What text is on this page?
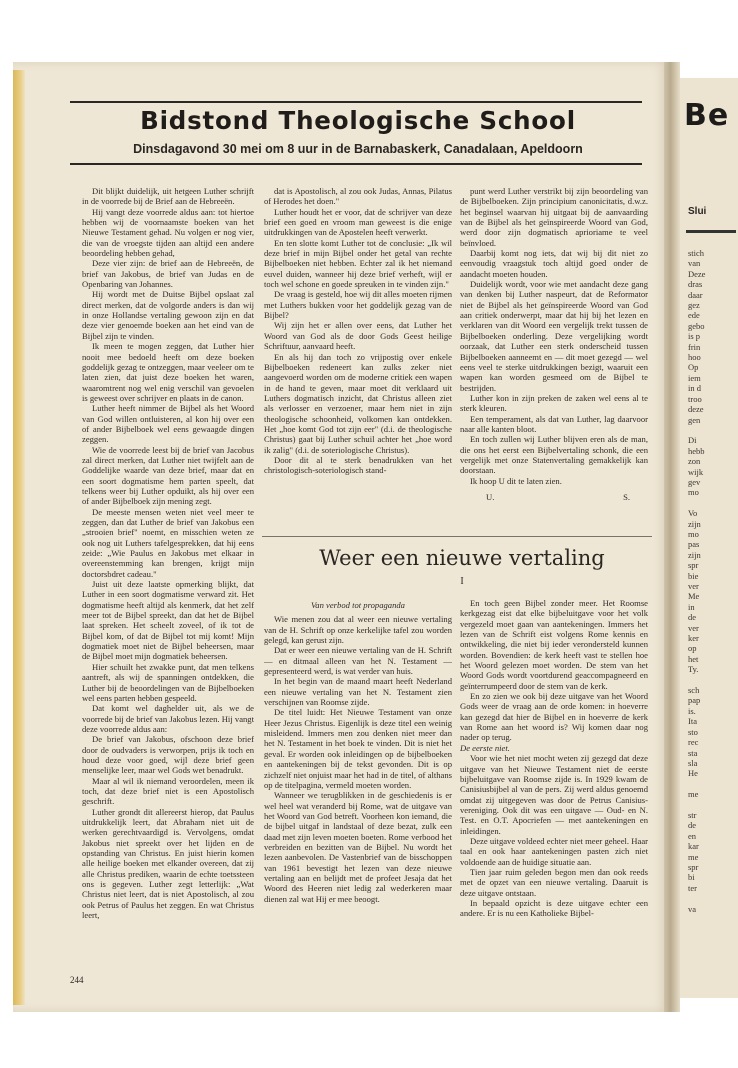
Be
Slui
stich
van
Deze
dras
daar
gez
ede
gebo
is p
frin
hoo
Op
iem
in d
troo
deze
gen

Di
hebb
zon
wijk
gev
mo

Vo
zijn
mo
pas
zijn
spr
bie
ver
Me
in
de
ver
ker
op
het
Ty.

sch
pap
is.
Ita
sto
rec
sta
sla
He

me

str
de
en
kar
me
spr
bi
ter

va
Bidstond Theologische School
Dinsdagavond 30 mei om 8 uur in de Barnabaskerk, Canadalaan, Apeldoorn

Dit blijkt duidelijk, uit hetgeen Luther schrijft in de voorrede bij de Brief aan de Hebreeën.

Hij vangt deze voorrede aldus aan: tot hiertoe hebben wij de voornaamste boeken van het Nieuwe Testament gehad. Nu volgen er nog vier, die van de vroegste tijden aan altijd een andere beoordeling hebben gehad,

Deze vier zijn: de brief aan de Hebreeën, de brief van Jakobus, de brief van Judas en de Openbaring van Johannes.

Hij wordt met de Duitse Bijbel opslaat zal direct merken, dat de volgorde anders is dan wij in onze Hollandse vertaling gewoon zijn en dat deze vier genoemde boeken aan het eind van de Bijbel zijn te vinden.

Ik meen te mogen zeggen, dat Luther hier nooit mee bedoeld heeft om deze boeken goddelijk gezag te ontzeggen, maar veeleer om te laten zien, dat juist deze boeken het waren, waaromtrent nog wel enig verschil van gevoelen is geweest over schrijver en plaats in de canon.

Luther heeft nimmer de Bijbel als het Woord van God willen ontluisteren, al kon hij over een of ander Bijbelboek wel eens gewaagde dingen zeggen.

Wie de voorrede leest bij de brief van Jacobus zal direct merken, dat Luther niet twijfelt aan de Goddelijke waarde van deze brief, maar dat en een soort dogmatisme hem parten speelt, dat telkens weer bij Luther opduikt, als hij over een of ander Bijbelboek zijn mening zegt.

De meeste mensen weten niet veel meer te zeggen, dan dat Luther de brief van Jakobus een „strooien brief" noemt, en misschien weten ze ook nog uit Luthers tafelgesprekken, dat hij eens zeide: „Wie Paulus en Jakobus met elkaar in overeenstemming kan brengen, krijgt mijn doctorsbdret cadeau."

Juist uit deze laatste opmerking blijkt, dat Luther in een soort dogmatisme verward zit. Het dogmatisme heeft altijd als kenmerk, dat het zelf meer tot de Bijbel spreekt, dan dat het de Bijbel laat spreken. Het scheelt zoveel, of ik tot de Bijbel kom, of dat de Bijbel tot mij komt! Mijn dogmatiek moet niet de Bijbel beheersen, maar de Bijbel moet mijn dogmatiek beheersen.

Hier schuilt het zwakke punt, dat men telkens aantreft, als wij de spanningen ontdekken, die Luther bij de beoordelingen van de Bijbelboeken wel eens parten hebben gespeeld.

Dat komt wel daghelder uit, als we de voorrede bij de brief van Jakobus lezen. Hij vangt deze voorrede aldus aan:

De brief van Jakobus, ofschoon deze brief door de oudvaders is verworpen, prijs ik toch en houd deze voor goed, wijl deze brief geen menselijke leer, maar wel Gods wet benadrukt.

Maar al wil ik niemand veroordelen, meen ik toch, dat deze brief niet is een Apostolisch geschrift.

Luther grondt dit allereerst hierop, dat Paulus uitdrukkelijk leert, dat Abraham niet uit de werken gerechtvaardigd is. Vervolgens, omdat Jakobus niet spreekt over het lijden en de opstanding van Christus. En juist hierin komen alle heilige boeken met elkander overeen, dat zij alle Christus prediken, waarin de echte toetssteen ons is gegeven. Luther zegt letterlijk: „Wat Christus niet leert, dat is niet Apostolisch, al zou ook Petrus of Paulus het zeggen. En wat Christus leert,

dat is Apostolisch, al zou ook Judas, Annas, Pilatus of Herodes het doen."

Luther houdt het er voor, dat de schrijver van deze brief een goed en vroom man geweest is die enige uitdrukkingen van de Apostelen heeft verwerkt.

En ten slotte komt Luther tot de conclusie: „Ik wil deze brief in mijn Bijbel onder het getal van rechte Bijbelboeken niet hebben. Echter zal ik het niemand euvel duiden, wanneer hij deze brief verheft, wijl er toch wel schone en goede spreuken in te vinden zijn."

De vraag is gesteld, hoe wij dit alles moeten rijmen met Luthers bukken voor het goddelijk gezag van de Bijbel?

Wij zijn het er allen over eens, dat Luther het Woord van God als de door Gods Geest heilige Schriftuur, aanvaard heeft.

En als hij dan toch zo vrijpostig over enkele Bijbelboeken redeneert kan zulks zeker niet aangevoerd worden om de moderne critiek een wapen in de hand te geven, maar moet dit verklaard uit Luthers dogmatisch inzicht, dat Christus alleen ziet als verlosser en verzoener, maar hem niet in zijn theologische schoonheid, volkomen kan ontdekken. Het „hoe komt God tot zijn eer" (d.i. de theologische Christus) gaat bij Luther schuil achter het „hoe word ik zalig" (d.i. de soteriologische Christus).

Door dit al te sterk benadrukken van het christologisch-soteriologisch stand-

punt werd Luther verstrikt bij zijn beoordeling van de Bijbelboeken. Zijn principium canonicitatis, d.w.z. het beginsel waarvan hij uitgaat bij de aanvaarding van de Bijbel als het geïnspireerde Woord van God, werd door zijn dogmatisch aprioriame te veel beïnvloed.

Daarbij komt nog iets, dat wij bij dit niet zo eenvoudig vraagstuk toch altijd goed onder de aandacht moeten houden.

Duidelijk wordt, voor wie met aandacht deze gang van denken bij Luther naspeurt, dat de Reformator niet de Bijbel als het geïnspireerde Woord van God aan critiek onderwerpt, maar dat hij bij het lezen en verklaren van dit Woord een vergelijk trekt tussen de Bijbelboeken onderling. Deze vergelijking wordt oorzaak, dat Luther een sterk onderscheid tussen Bijbelboeken aanneemt en — dit moet gezegd — wel eens veel te sterke uitdrukkingen bezigt, waaruit een wapen kan worden gesmeed om de Bijbel te bestrijden.

Luther kon in zijn preken de zaken wel eens al te sterk kleuren.

Een temperament, als dat van Luther, lag daarvoor naar alle kanten bloot.

En toch zullen wij Luther blijven eren als de man, die ons het eerst een Bijbelvertaling schonk, die een vergelijk met onze Statenvertaling gemakkelijk kan doorstaan.

Ik hoop U dit te laten zien.

U.	S.

Weer een nieuwe vertaling
I

Van verbod tot propaganda

Wie menen zou dat al weer een nieuwe vertaling van de H. Schrift op onze kerkelijke tafel zou worden gelegd, kan gerust zijn.

Dat er weer een nieuwe vertaling van de H. Schrift — en ditmaal alleen van het N. Testament — gepresenteerd werd, is wat verder van huis.

In het begin van de maand maart heeft Nederland een nieuwe vertaling van het N. Testament zien verschijnen van Roomse zijde.

De titel luidt: Het Nieuwe Testament van onze Heer Jezus Christus. Eigenlijk is deze titel een weinig misleidend. Immers men zou denken niet meer dan het N. Testament in het boek te vinden. Dit is niet het geval. Er worden ook inleidingen op de bijbelboeken en aantekeningen bij de tekst gevonden. Dit is op zichzelf niet onjuist maar het had in de titel, of althans op de titelpagina, vermeld moeten worden.

Wanneer we terugblikken in de geschiedenis is er wel heel wat veranderd bij Rome, wat de uitgave van het Woord van God betreft. Voorheen kon iemand, die de bijbel uitgaf in landstaal of deze bezat, zulk een daad met zijn leven moeten boeten. Rome verbood het verbreiden en bezitten van de Bijbel. Nu wordt het lezen aanbevolen. De Vastenbrief van de bisschoppen van 1961 bevestigt het lezen van deze nieuwe vertaling aan en belijdt met de profeet Jesaja dat het Woord des Heeren niet ledig zal wederkeren maar dienen zal wat Hij er mee beoogt.

En toch geen Bijbel zonder meer. Het Roomse kerkgezag eist dat elke bijbeluitgave voor het volk vergezeld moet gaan van aantekeningen. Immers het lezen van de Schrift eist volgens Rome kennis en ontwikkeling, die niet bij ieder verondersteld kunnen worden. Bovendien: de kerk heeft vast te stellen hoe het Woord gelezen moet worden. De stem van het Woord Gods wordt voortdurend geaccompagneerd en geïnterrumpeerd door de stem van de kerk.

En zo zien we ook bij deze uitgave van het Woord Gods weer de vraag aan de orde komen: in hoeverre kan gezegd dat hier de Bijbel en in hoeverre de kerk van Rome aan het woord is? Wij komen daar nog nader op terug.

De eerste niet.

Voor wie het niet mocht weten zij gezegd dat deze uitgave van het Nieuwe Testament niet de eerste bijbeluitgave van Roomse zijde is. In 1929 kwam de Canisiusbijbel al van de pers. Zij werd aldus genoemd omdat zij uitgegeven was door de Petrus Canisius-vereniging. Ook dit was een uitgave — Oud- en N. Test. en O.T. Apocriefen — met aantekeningen en inleidingen.

Deze uitgave voldeed echter niet meer geheel. Haar taal en ook haar aantekeningen pasten zich niet voldoende aan de huidige situatie aan.

Tien jaar ruim geleden begon men dan ook reeds met de opzet van een nieuwe vertaling. Daaruit is deze uitgave ontstaan.

In bepaald opzicht is deze uitgave echter een andere. Er is nu een Katholieke Bijbel-

244
